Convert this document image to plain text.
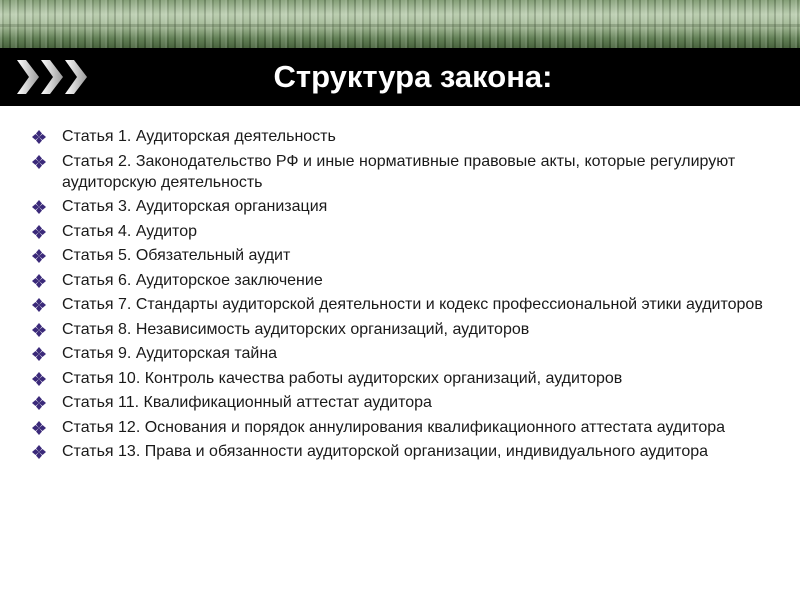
Структура закона:
Статья 1. Аудиторская деятельность
Статья 2. Законодательство РФ и иные нормативные правовые акты, которые регулируют аудиторскую деятельность
Статья 3. Аудиторская организация
Статья 4. Аудитор
Статья 5. Обязательный аудит
Статья 6. Аудиторское заключение
Статья 7. Стандарты аудиторской деятельности и кодекс профессиональной этики аудиторов
Статья 8. Независимость аудиторских организаций, аудиторов
Статья 9. Аудиторская тайна
Статья 10. Контроль качества работы аудиторских организаций, аудиторов
Статья 11. Квалификационный аттестат аудитора
Статья 12. Основания и порядок аннулирования квалификационного аттестата аудитора
Статья 13. Права и обязанности аудиторской организации, индивидуального аудитора
